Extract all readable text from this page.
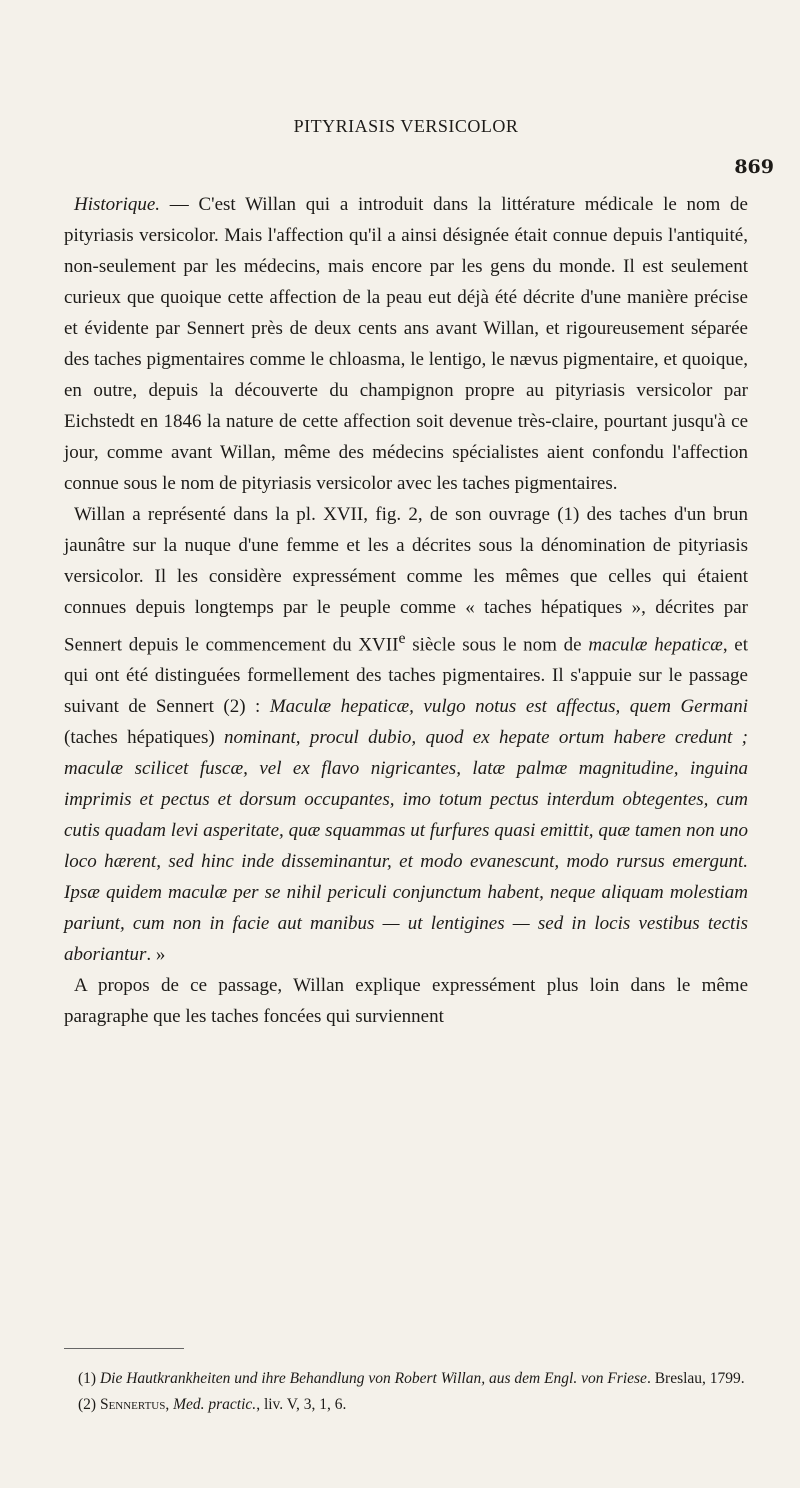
869
PITYRIASIS VERSICOLOR

Historique. — C'est Willan qui a introduit dans la littérature médicale le nom de pityriasis versicolor. Mais l'affection qu'il a ainsi désignée était connue depuis l'antiquité, non-seulement par les médecins, mais encore par les gens du monde. Il est seulement curieux que quoique cette affection de la peau eut déjà été décrite d'une manière précise et évidente par Sennert près de deux cents ans avant Willan, et rigoureusement séparée des taches pigmentaires comme le chloasma, le lentigo, le nævus pigmentaire, et quoique, en outre, depuis la découverte du champignon propre au pityriasis versicolor par Eichstedt en 1846 la nature de cette affection soit devenue très-claire, pourtant jusqu'à ce jour, comme avant Willan, même des médecins spécialistes aient confondu l'affection connue sous le nom de pityriasis versicolor avec les taches pigmentaires.

Willan a représenté dans la pl. XVII, fig. 2, de son ouvrage (1) des taches d'un brun jaunâtre sur la nuque d'une femme et les a décrites sous la dénomination de pityriasis versicolor. Il les considère expressément comme les mêmes que celles qui étaient connues depuis longtemps par le peuple comme « taches hépatiques », décrites par Sennert depuis le commencement du XVIIe siècle sous le nom de maculæ hepaticæ, et qui ont été distinguées formellement des taches pigmentaires. Il s'appuie sur le passage suivant de Sennert (2) : Maculæ hepaticæ, vulgo notus est affectus, quem Germani (taches hépatiques) nominant, procul dubio, quod ex hepate ortum habere credunt ; maculæ scilicet fuscæ, vel ex flavo nigricantes, latæ palmæ magnitudine, inguina imprimis et pectus et dorsum occupantes, imo totum pectus interdum obtegentes, cum cutis quadam levi asperitate, quæ squammas ut furfures quasi emittit, quæ tamen non uno loco hærent, sed hinc inde disseminantur, et modo evanescunt, modo rursus emergunt. Ipsæ quidem maculæ per se nihil periculi conjunctum habent, neque aliquam molestiam pariunt, cum non in facie aut manibus — ut lentigines — sed in locis vestibus tectis aboriantur. »

A propos de ce passage, Willan explique expressément plus loin dans le même paragraphe que les taches foncées qui surviennent

(1) Die Hautkrankheiten und ihre Behandlung von Robert Willan, aus dem Engl. von Friese. Breslau, 1799.

(2) Sennertus, Med. practic., liv. V, 3, 1, 6.
